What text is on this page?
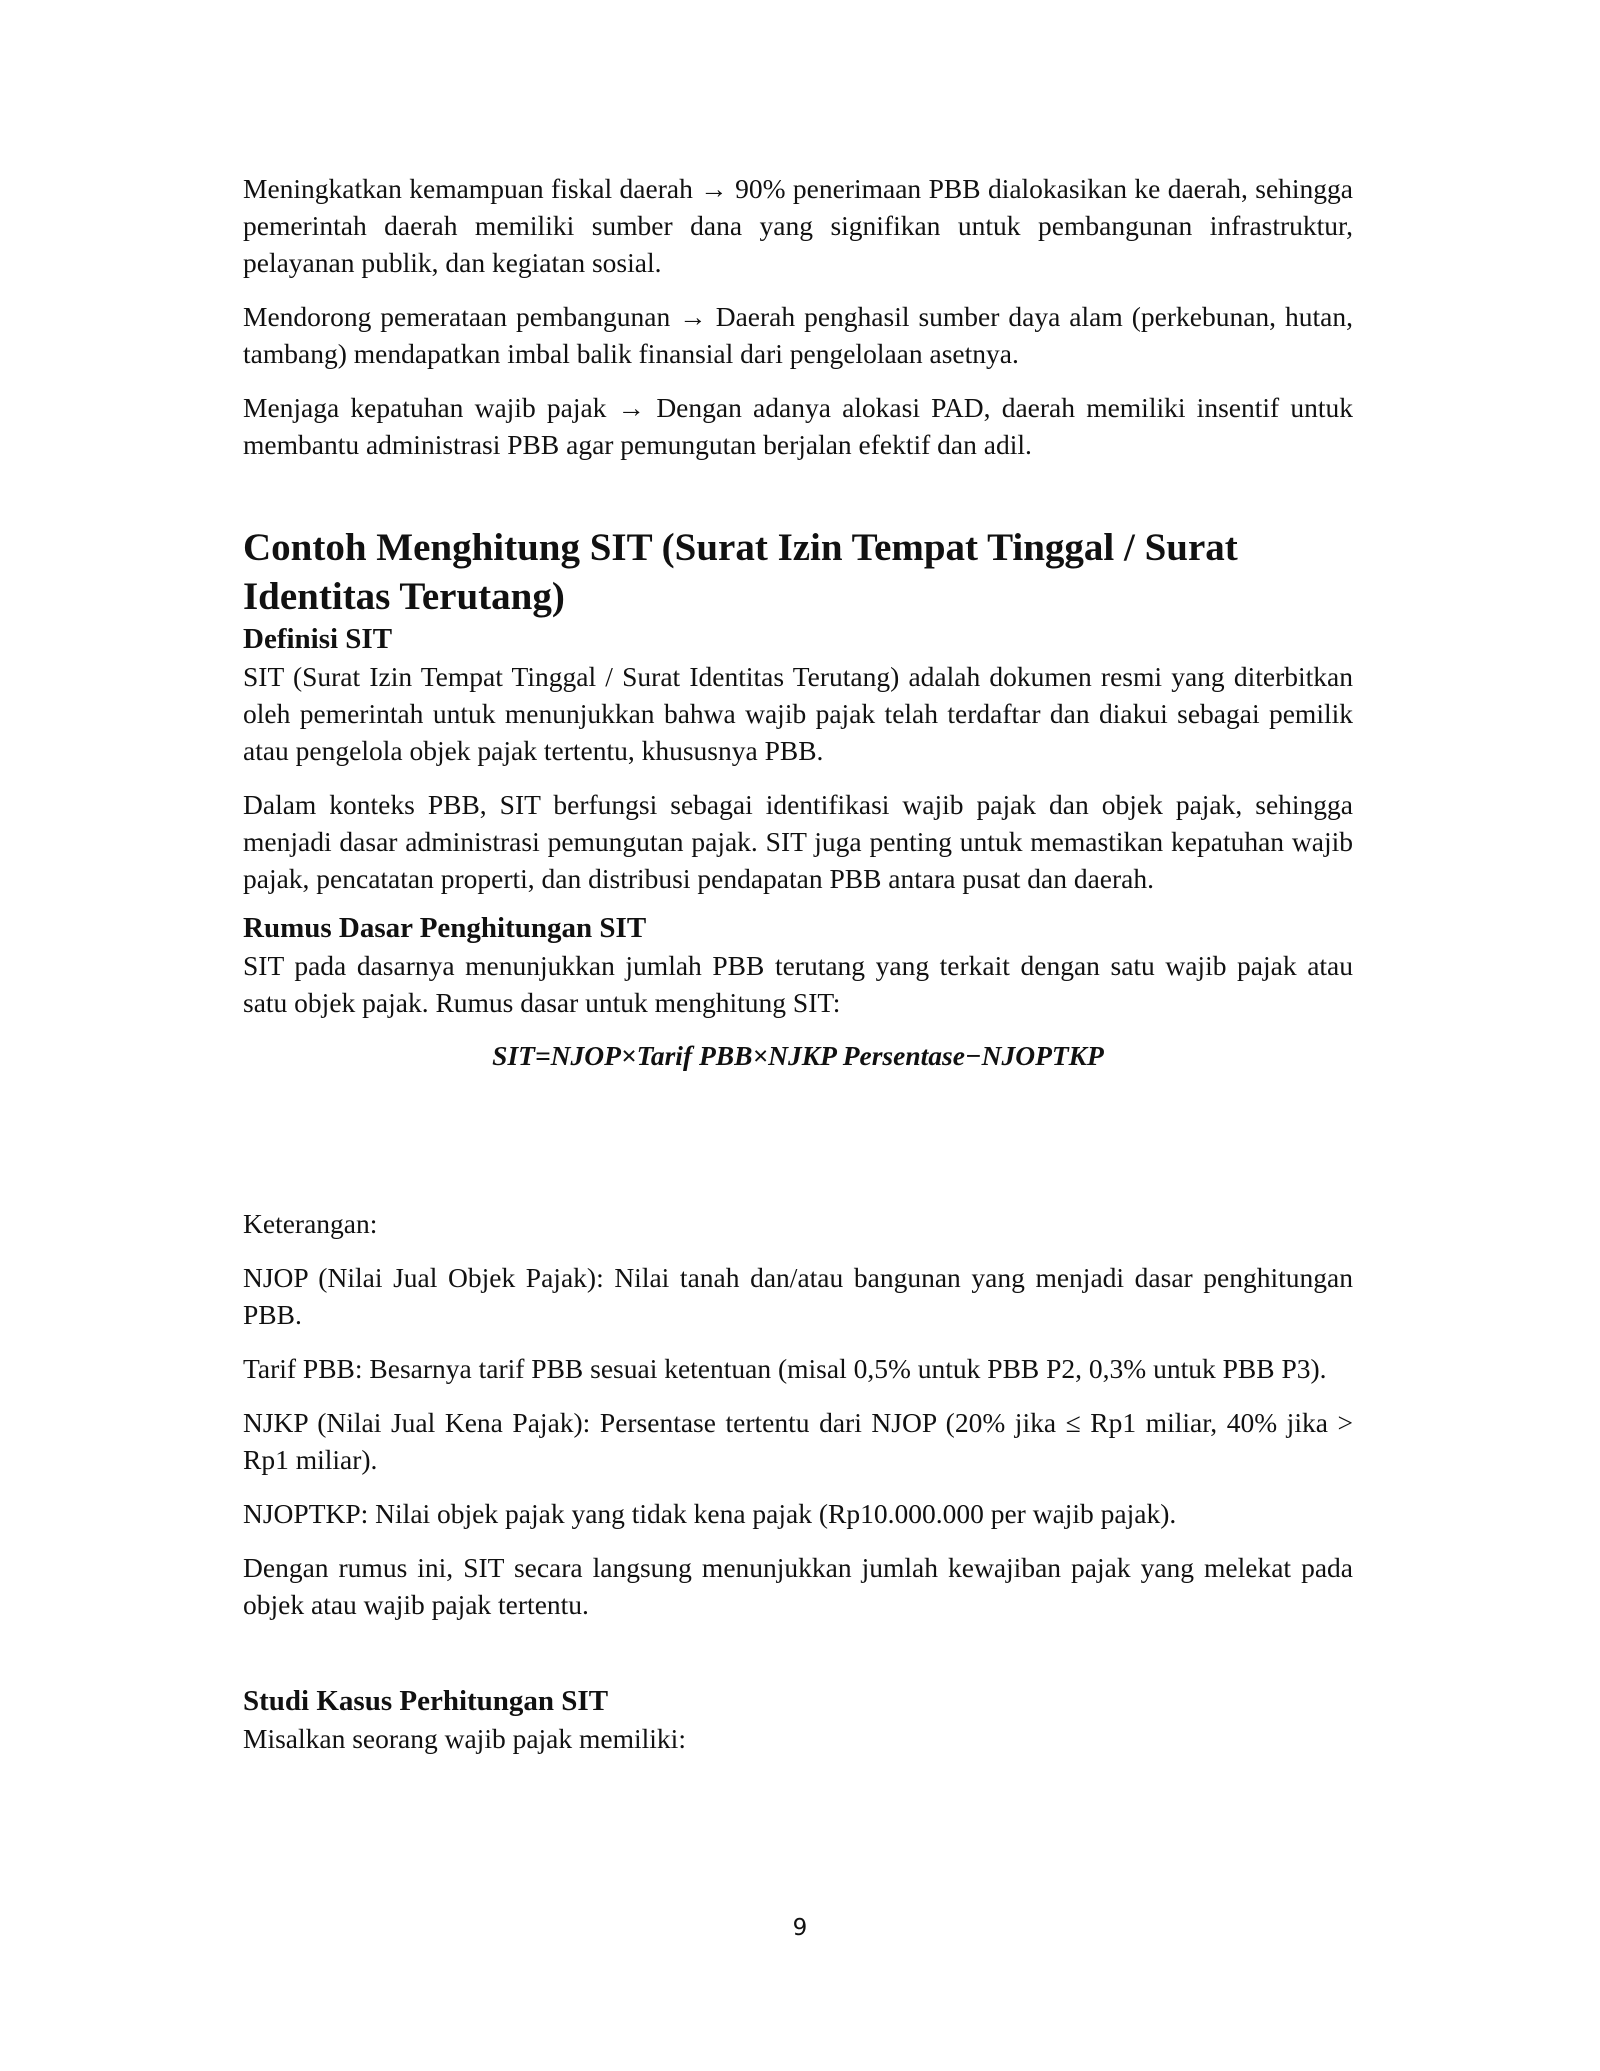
Meningkatkan kemampuan fiskal daerah → 90% penerimaan PBB dialokasikan ke daerah, sehingga pemerintah daerah memiliki sumber dana yang signifikan untuk pembangunan infrastruktur, pelayanan publik, dan kegiatan sosial.

Mendorong pemerataan pembangunan → Daerah penghasil sumber daya alam (perkebunan, hutan, tambang) mendapatkan imbal balik finansial dari pengelolaan asetnya.

Menjaga kepatuhan wajib pajak → Dengan adanya alokasi PAD, daerah memiliki insentif untuk membantu administrasi PBB agar pemungutan berjalan efektif dan adil.

Contoh Menghitung SIT (Surat Izin Tempat Tinggal / Surat Identitas Terutang)
Definisi SIT

SIT (Surat Izin Tempat Tinggal / Surat Identitas Terutang) adalah dokumen resmi yang diterbitkan oleh pemerintah untuk menunjukkan bahwa wajib pajak telah terdaftar dan diakui sebagai pemilik atau pengelola objek pajak tertentu, khususnya PBB.

Dalam konteks PBB, SIT berfungsi sebagai identifikasi wajib pajak dan objek pajak, sehingga menjadi dasar administrasi pemungutan pajak. SIT juga penting untuk memastikan kepatuhan wajib pajak, pencatatan properti, dan distribusi pendapatan PBB antara pusat dan daerah.

Rumus Dasar Penghitungan SIT

SIT pada dasarnya menunjukkan jumlah PBB terutang yang terkait dengan satu wajib pajak atau satu objek pajak. Rumus dasar untuk menghitung SIT:

SIT=NJOP×Tarif PBB×NJKP Persentase−NJOPTKP

Keterangan:

NJOP (Nilai Jual Objek Pajak): Nilai tanah dan/atau bangunan yang menjadi dasar penghitungan PBB.

Tarif PBB: Besarnya tarif PBB sesuai ketentuan (misal 0,5% untuk PBB P2, 0,3% untuk PBB P3).

NJKP (Nilai Jual Kena Pajak): Persentase tertentu dari NJOP (20% jika ≤ Rp1 miliar, 40% jika > Rp1 miliar).

NJOPTKP: Nilai objek pajak yang tidak kena pajak (Rp10.000.000 per wajib pajak).

Dengan rumus ini, SIT secara langsung menunjukkan jumlah kewajiban pajak yang melekat pada objek atau wajib pajak tertentu.

Studi Kasus Perhitungan SIT

Misalkan seorang wajib pajak memiliki:

9
